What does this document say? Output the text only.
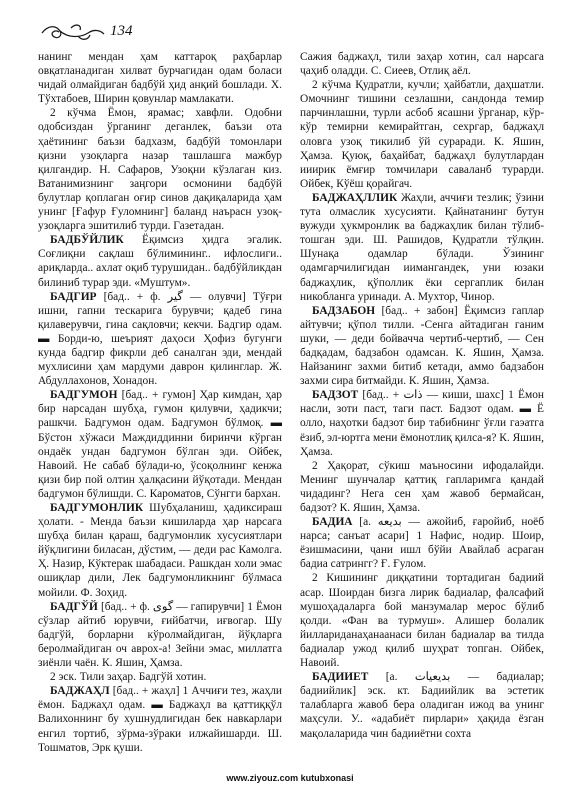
134

нанинг мендан ҳам каттароқ раҳбарлар овқатланадиган хилват бурчагидан одам боласи чидай олмайдиган бадбўй ҳид анқий бошлади. Х. Тўхтабоев, Ширин қовунлар мамлакати.

2 кўчма Ёмон, ярамас; хавфли. Одобни одобсиздан ўрганинг деганлек, баъзи ота ҳаётининг баъзи бадхазм, бадбўй томонлари қизни узоқларга назар ташлашга мажбур қилгандир. Н. Сафаров, Узоқни кўзлаган киз. Ватанимизнинг заңгори осмонини бадбўй булутлар қоплаган оғир синов дақиқаларида ҳам унинг [Ғафур Ғуломнинг] баланд наърасн узоқ-узоқларга эшитилиб турди. Газетадан.

БАДБЎЙЛИК Ёқимсиз ҳидга эгалик. Соғлиқни сақлаш бўлимининг.. ифлослиги.. ариқларда.. ахлат оқиб турушидан.. бадбўйликдан билиниб турар эди. «Муштум».

БАДГИР [бад.. + ф. گیر — олувчи] Тўғри ишни, гапни тескарига бурувчи; қадеб гина қилаверувчи, гина сақловчи; кекчи. Бадгир одам. ▬ Борди-ю, шеърият даҳоси Ҳофиз бугунги кунда бадгир фикрли деб саналган эди, мендай мухлисини ҳам мардуми даврон қилинглар. Ж. Абдуллахонов, Хонадон.

БАДГУМОН [бад.. + гумон] Ҳар кимдан, ҳар бир нарсадан шубҳа, гумон қилувчи, ҳадикчи; рашкчи. Бадгумон одам. Бадгумон бўлмоқ. ▬ Бўстон хўжаси Маждиддинни биринчи кўрган ондаёк ундан бадгумон бўлган эди. Ойбек, Навоий. Не сабаб бўлади-ю, ўсоқолнинг кенжа қизи бир пой олтин ҳалқасини йўқотади. Мендан бадгумон бўлишди. С. Кароматов, Сўнгги бархан.

БАДГУМОНЛИК Шубҳаланиш, ҳадиксираш ҳолати. - Менда баъзи кишиларда ҳар нарсага шубҳа билан қараш, бадгумонлик хусусиятлари йўқлигини биласан, дўстим, — деди рас Камолга. Ҳ. Назир, Кўктерак шабадаси. Рашкдан холи эмас ошиқлар дили, Лек бадгумонликнинг бўлмаса мойили. Ф. Зоҳид.

БАДГЎЙ [бад.. + ф. گوی — гапирувчи] 1 Ёмон сўзлар айтиб юрувчи, ғийбатчи, иғвогар. Шу бадгўй, борларни кўролмайдиган, йўқларга беролмайдиган оч аврох-а! Зейни эмас, миллатга зиёнли чаён. К. Яшин, Ҳамза.

2 эск. Тили заҳар. Бадгўй хотин.

БАДЖАҲЛ [бад.. + жаҳл] 1 Аччиғи тез, жаҳли ёмон. Баджаҳл одам. ▬ Баджаҳл ва қаттиққўл Валихоннинг бу хушнудлигидан бек навкарлари енгил тортиб, зўрма-зўраки илжайишарди. Ш. Тошматов, Эрк қуши.

Сажия баджаҳл, тили заҳар хотин, сал нарсага ҷаҳиб оладди. С. Сиеев, Отлиқ аёл.

2 кўчма Қудратли, кучли; ҳайбатли, даҳшатли. Омочнинг тишини сезлашни, сандонда темир парчинлашни, турли асбоб ясашни ўрганар, кўр-кўр темирни кемирайтган, сехргар, баджаҳл оловга узоқ тикилиб ўй сураради. К. Яшин, Ҳамза. Қуюқ, баҳайбат, баджаҳл булутлардан ииирик ёмғир томчилари саваланб турарди. Ойбек, Кўёш қорайгач.

БАДЖАҲЛЛИК Жаҳли, аччиғи тезлик; ўзини тута олмаслик хусусияти. Қайнатанинг бутун вужуди ҳукмронлик ва баджаҳлик билан тўлиб-тошган эди. Ш. Рашидов, Қудратли тўлқин. Шунақа одамлар бўлади. Ўзининг одамгарчилигидан иимангандек, уни юзаки баджаҳлик, қўполлик ёки сергаплик билан никобланга уринади. А. Мухтор, Чинор.

БАДЗАБОН [бад.. + забон] Ёқимсиз гаплар айтувчи; қўпол тилли. -Сенга айтадиган ганим шуки, — деди бойвачча чертиб-чертиб, — Сен бадқадам, бадзабон одамсан. К. Яшин, Ҳамза. Найзанинг захми битиб кетади, аммо бадзабон захми сира битмайди. К. Яшин, Ҳамза.

БАДЗОТ [бад.. + ذات — киши, шахс] 1 Ёмон насли, зоти паст, таги паст. Бадзот одам. ▬ Ё олло, наҳотки бадзот бир табибнинг ўғли гаэатга ёзиб, эл-юртга мени ёмонотлиқ қилса-я? К. Яшин, Ҳамза.

2 Ҳақорат, сўкиш маъносини ифодалайди. Менинг шунчалар қаттиқ гапларимга қандай чидадинг? Нега сен ҳам жавоб бермайсан, бадзот? К. Яшин, Ҳамза.

БАДИА [а. بدیعه — ажойиб, ғаройиб, ноёб нарса; санъат асари] 1 Нафис, нодир. Шоир, ёзишмасини, ҷани ишл бўйи Авайлаб асраган бадиа сатрингг? Ғ. Ғулом.

2 Кишининг диққатини тортадиган бадиий асар. Шоирдан бизга лирик бадиалар, фалсафий мушоҳадаларга бой манзумалар мерос бўлиб қолди. «Фан ва турмуш». Алишер болалик йиллариданаҳанаанаси билан бадиалар ва тилда бадиалар ужод қилиб шуҳрат топган. Ойбек, Навоий.

БАДИИЕТ [а. بدیعیات — бадиалар; бадиийлик] эск. кт. Бадиийлик ва эстетик талабларга жавоб бера оладиган ижод ва унинг маҳсули. У.. «адабиёт пирлари» ҳақида ёзган мақолаларида чин бадииётни сохта

www.ziyouz.com kutubxonasi
